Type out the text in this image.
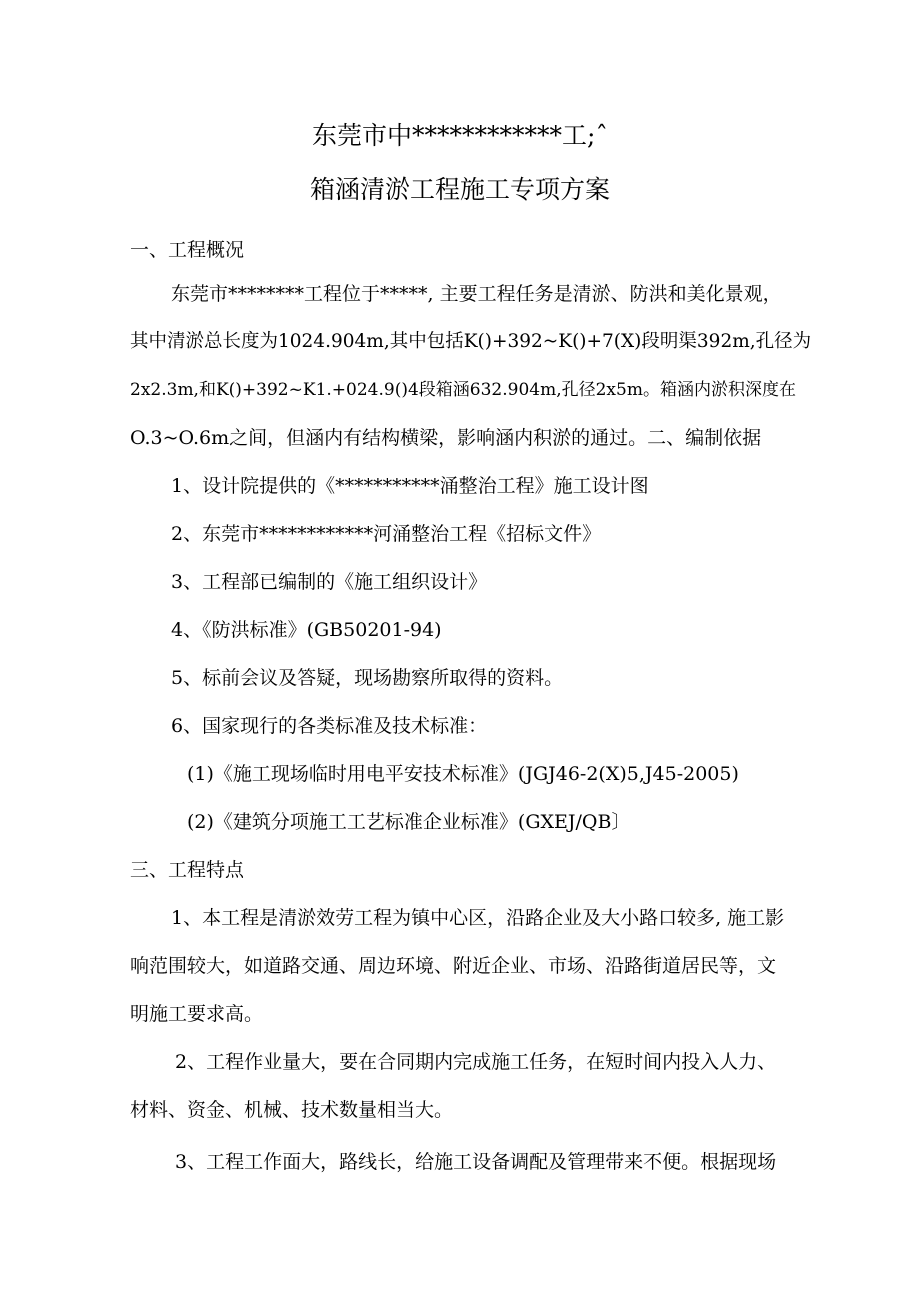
东莞市中************工;ˆ
箱涵清淤工程施工专项方案
一、工程概况
东莞市********工程位于*****, 主要工程任务是清淤、防洪和美化景观，
其中清淤总长度为1024.904m,其中包括K()+392~K()+7(X)段明渠392m,孔径为
2x2.3m,和K()+392~K1.+024.9()4段箱涵632.904m,孔径2x5m。箱涵内淤积深度在
O.3~O.6m之间，但涵内有结构横梁，影响涵内积淤的通过。二、编制依据
1、设计院提供的《***********涌整治工程》施工设计图
2、东莞市************河涌整治工程《招标文件》
3、工程部已编制的《施工组织设计》
4、《防洪标准》(GB50201-94)
5、标前会议及答疑，现场勘察所取得的资料。
6、国家现行的各类标准及技术标准：
(1)《施工现场临时用电平安技术标准》(JGJ46-2(X)5,J45-2005)
(2)《建筑分项施工工艺标准企业标准》(GXEJ/QB〕
三、工程特点
1、本工程是清淤效劳工程为镇中心区，沿路企业及大小路口较多, 施工影
响范围较大，如道路交通、周边环境、附近企业、市场、沿路街道居民等，文
明施工要求高。
2、工程作业量大，要在合同期内完成施工任务，在短时间内投入人力、
材料、资金、机械、技术数量相当大。
3、工程工作面大，路线长，给施工设备调配及管理带来不便。根据现场
